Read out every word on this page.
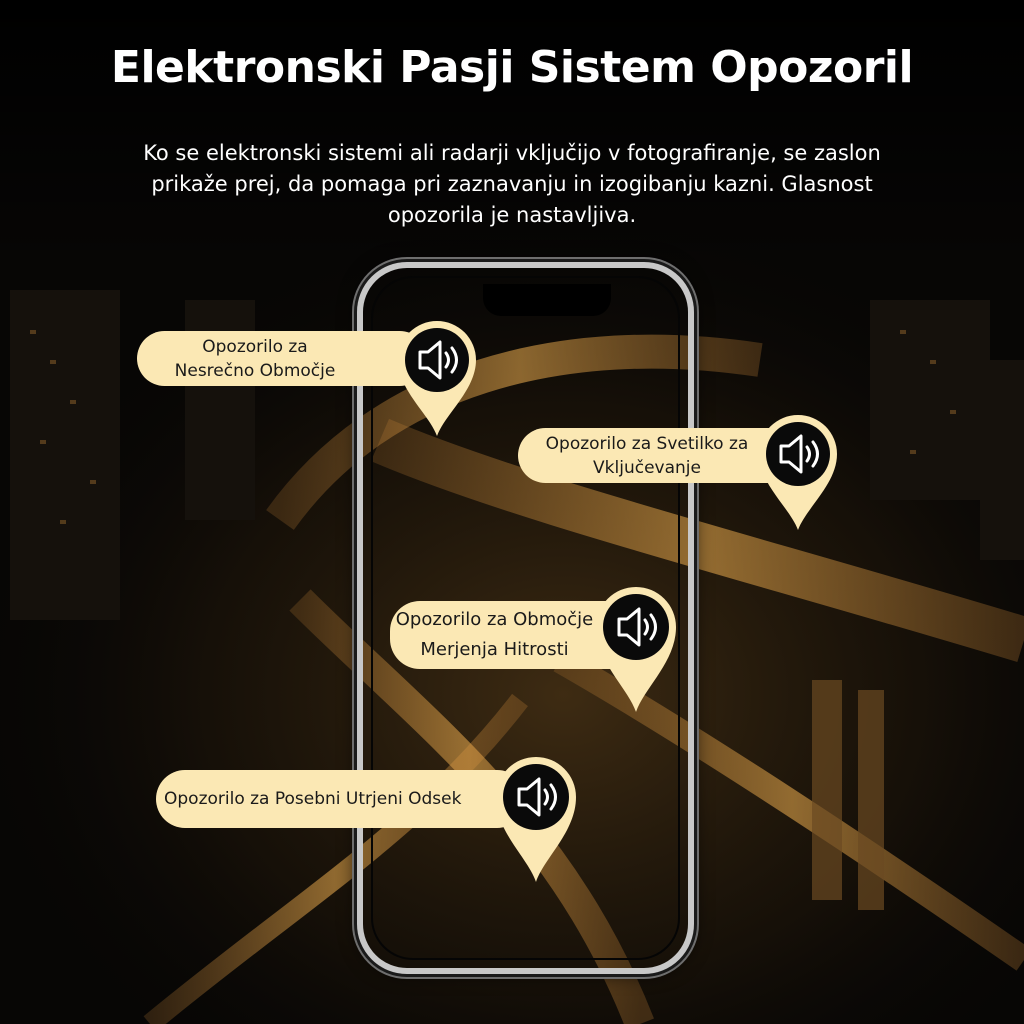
Elektronski Pasji Sistem Opozoril

Ko se elektronski sistemi ali radarji vključijo v fotografiranje, se zaslon prikaže prej, da pomaga pri zaznavanju in izogibanju kazni. Glasnost opozorila je nastavljiva.

Opozorilo za Nesrečno Območje
Opozorilo za Svetilko za Vključevanje
Opozorilo za Območje Merjenja Hitrosti
Opozorilo za Posebni Utrjeni Odsek
